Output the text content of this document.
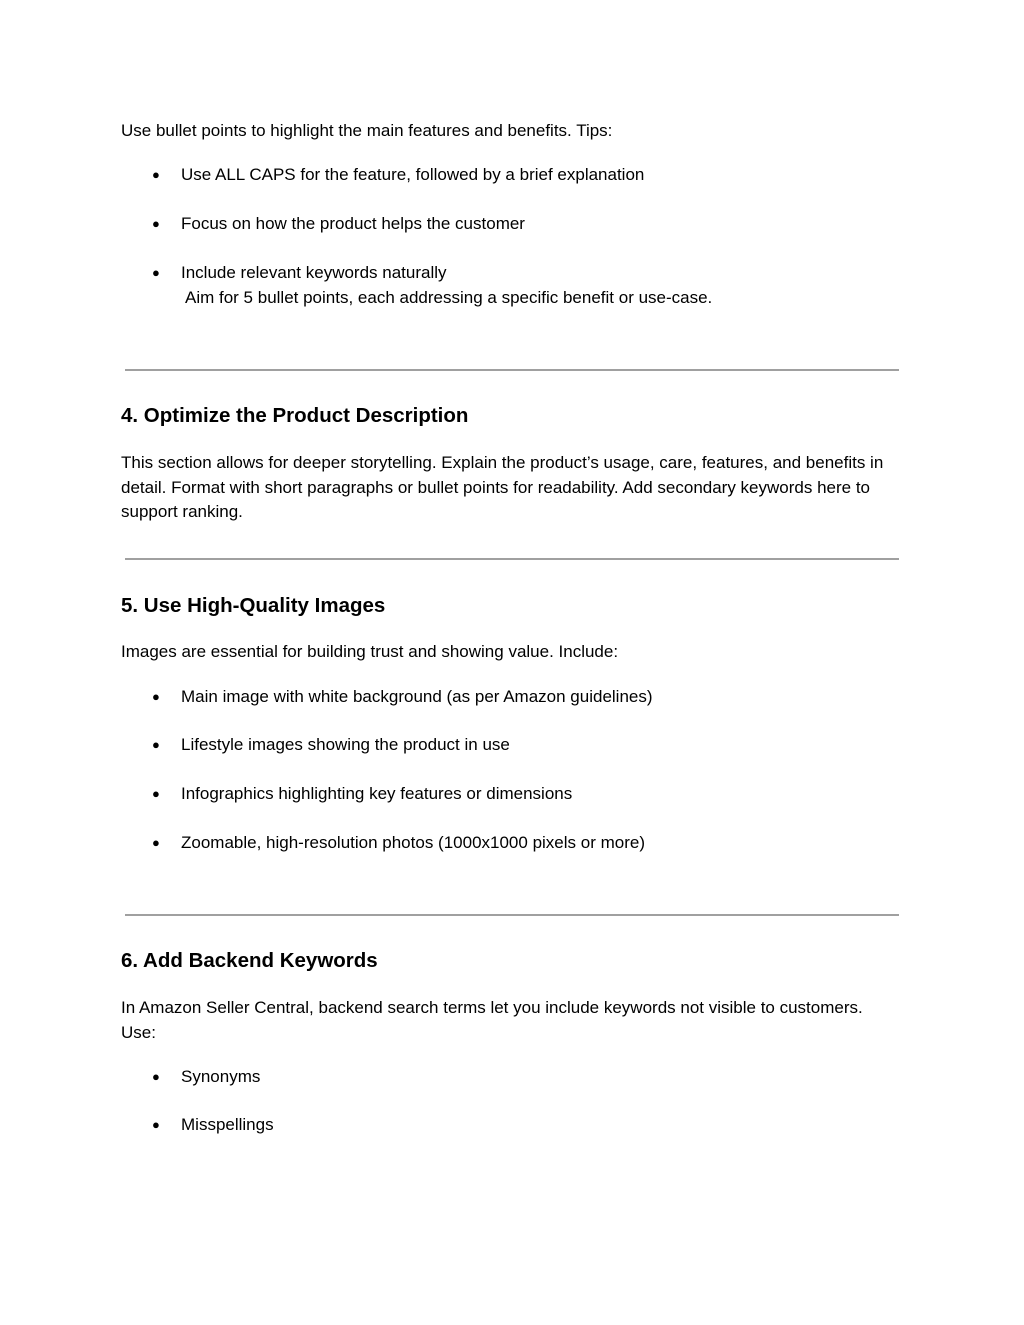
Use bullet points to highlight the main features and benefits. Tips:

● Use ALL CAPS for the feature, followed by a brief explanation
● Focus on how the product helps the customer
● Include relevant keywords naturally
Aim for 5 bullet points, each addressing a specific benefit or use-case.
4. Optimize the Product Description

This section allows for deeper storytelling. Explain the product’s usage, care, features, and benefits in detail. Format with short paragraphs or bullet points for readability. Add secondary keywords here to support ranking.

5. Use High-Quality Images

Images are essential for building trust and showing value. Include:

● Main image with white background (as per Amazon guidelines)
● Lifestyle images showing the product in use
● Infographics highlighting key features or dimensions
● Zoomable, high-resolution photos (1000x1000 pixels or more)
6. Add Backend Keywords

In Amazon Seller Central, backend search terms let you include keywords not visible to customers. Use:

● Synonyms
● Misspellings
